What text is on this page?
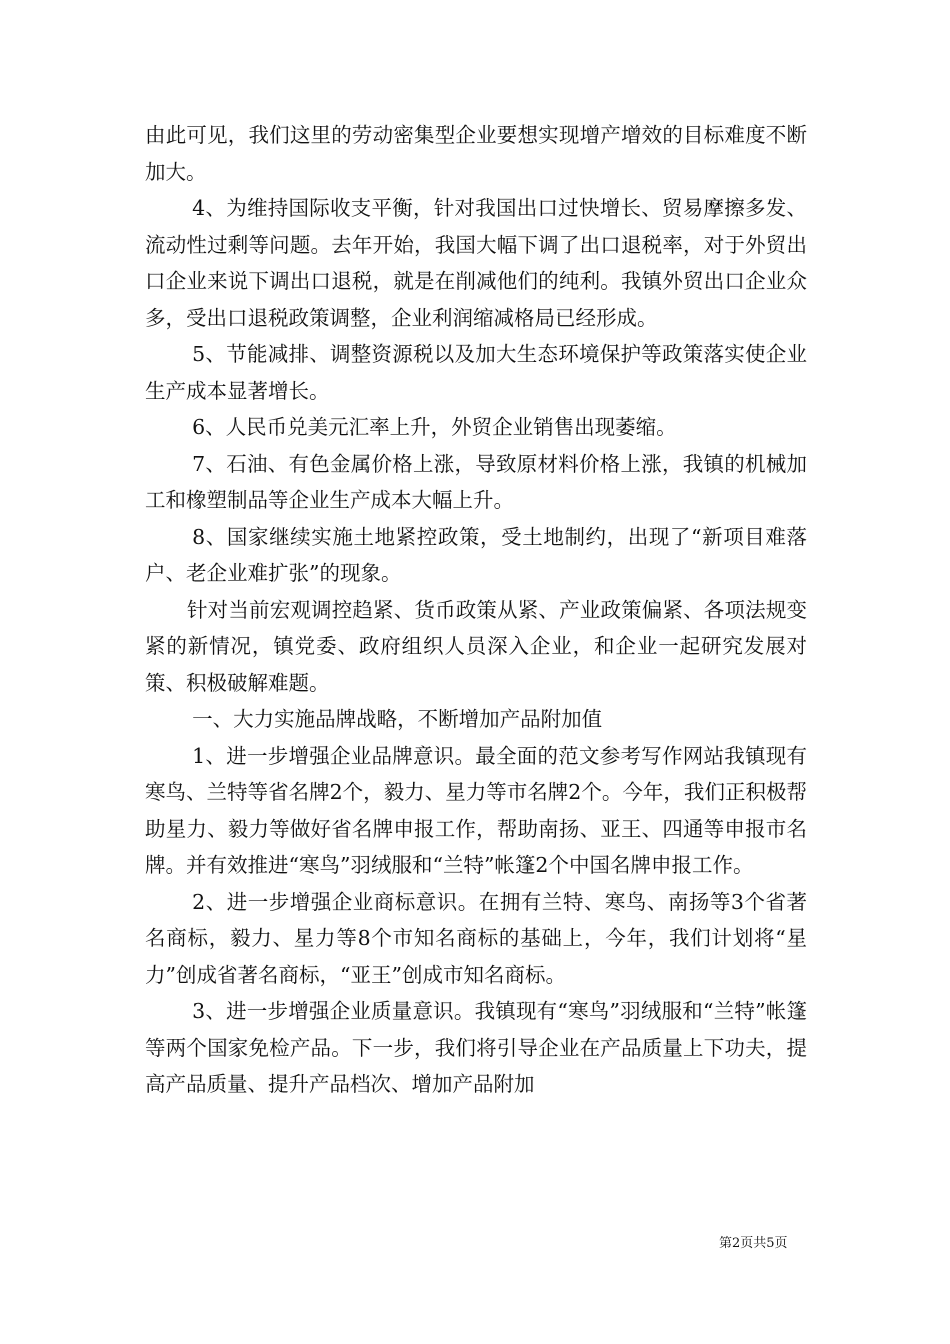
由此可见，我们这里的劳动密集型企业要想实现增产增效的目标难度不断加大。

4、为维持国际收支平衡，针对我国出口过快增长、贸易摩擦多发、流动性过剩等问题。去年开始，我国大幅下调了出口退税率，对于外贸出口企业来说下调出口退税，就是在削减他们的纯利。我镇外贸出口企业众多，受出口退税政策调整，企业利润缩减格局已经形成。

5、节能减排、调整资源税以及加大生态环境保护等政策落实使企业生产成本显著增长。

6、人民币兑美元汇率上升，外贸企业销售出现萎缩。

7、石油、有色金属价格上涨，导致原材料价格上涨，我镇的机械加工和橡塑制品等企业生产成本大幅上升。

8、国家继续实施土地紧控政策，受土地制约，出现了“新项目难落户、老企业难扩张”的现象。

针对当前宏观调控趋紧、货币政策从紧、产业政策偏紧、各项法规变紧的新情况，镇党委、政府组织人员深入企业，和企业一起研究发展对策、积极破解难题。

一、大力实施品牌战略，不断增加产品附加值

1、进一步增强企业品牌意识。最全面的范文参考写作网站我镇现有寒鸟、兰特等省名牌2个，毅力、星力等市名牌2个。今年，我们正积极帮助星力、毅力等做好省名牌申报工作，帮助南扬、亚王、四通等申报市名牌。并有效推进“寒鸟”羽绒服和“兰特”帐篷2个中国名牌申报工作。

2、进一步增强企业商标意识。在拥有兰特、寒鸟、南扬等3个省著名商标，毅力、星力等8个市知名商标的基础上，今年，我们计划将“星力”创成省著名商标，“亚王”创成市知名商标。

3、进一步增强企业质量意识。我镇现有“寒鸟”羽绒服和“兰特”帐篷等两个国家免检产品。下一步，我们将引导企业在产品质量上下功夫，提高产品质量、提升产品档次、增加产品附加

第2页共5页
